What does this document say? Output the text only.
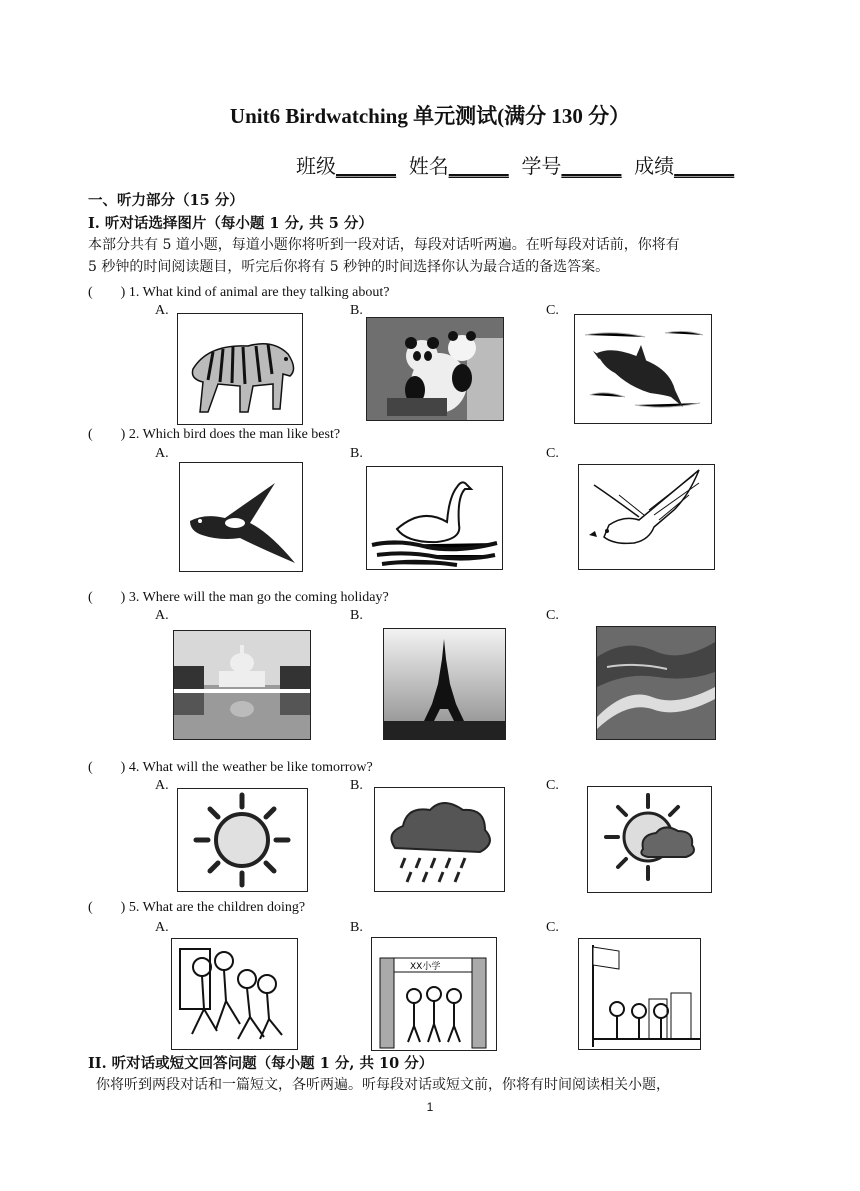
Unit6 Birdwatching 单元测试(满分 130 分）
班级______ 姓名______ 学号______ 成绩______
一、听力部分（15 分）
I. 听对话选择图片（每小题 1 分, 共 5 分）
本部分共有 5 道小题，每道小题你将听到一段对话，每段对话听两遍。在听每段对话前，你将有
5 秒钟的时间阅读题目，听完后你将有 5 秒钟的时间选择你认为最合适的备选答案。
(        ) 1. What kind of animal are they talking about?
A.	B.	C.
(        ) 2. Which bird does the man like best?
A.	B.	C.
(        ) 3. Where will the man go the coming holiday?
A.	B.	C.
(        ) 4. What will the weather be like tomorrow?
A.	B.	C.
(        ) 5. What are the children doing?
A.	B.	C.
XX小学
II. 听对话或短文回答问题（每小题 1 分, 共 10 分）
你将听到两段对话和一篇短文，各听两遍。听每段对话或短文前，你将有时间阅读相关小题，
1
